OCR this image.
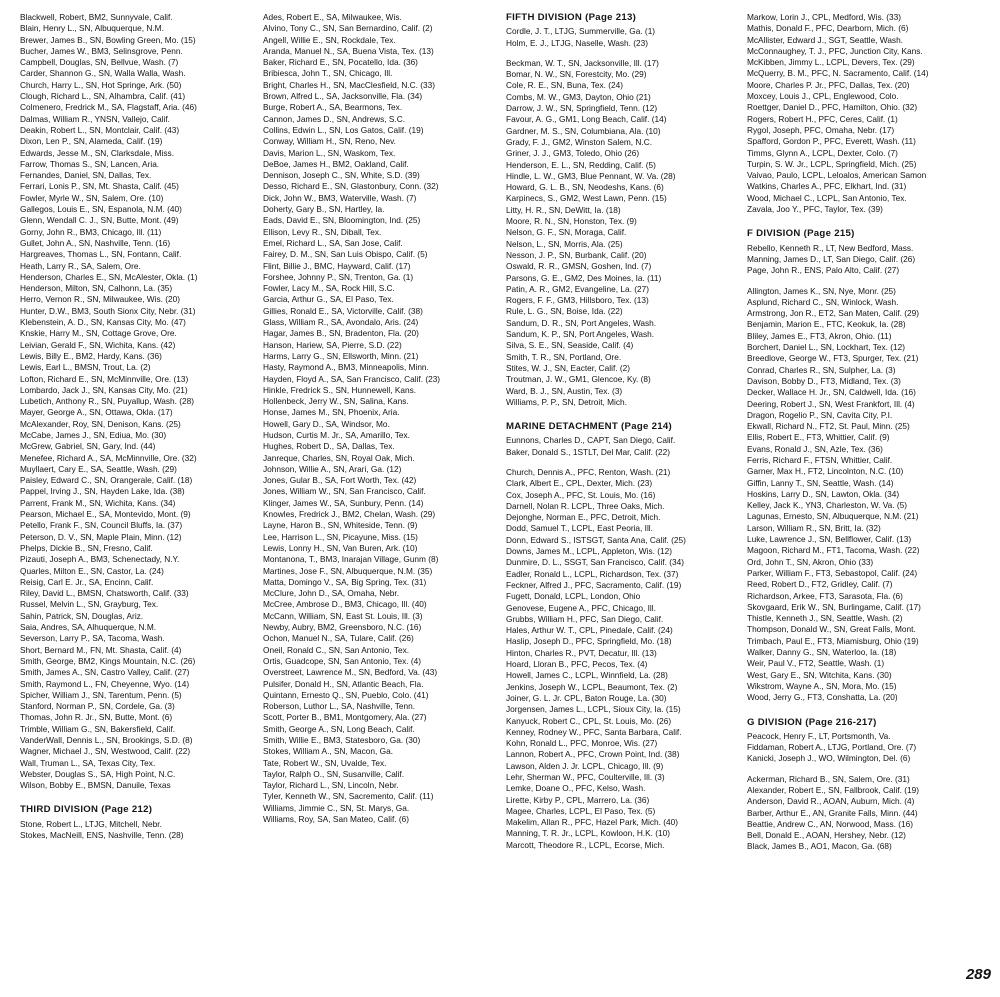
Blackwell, Robert, BM2, Sunnyvale, Calif.
Blain, Henry L., SN, Albuquerque, N.M.
Brewer, James B., SN, Bowling Green, Mo. (15)
Bucher, James W., BM3, Selinsgrove, Penn.
Campbell, Douglas, SN, Bellvue, Wash. (7)
Carder, Shannon G., SN, Walla Walla, Wash.
Church, Harry L., SN, Hot Springe, Ark. (50)
Clough, Richard L., SN, Alhambra, Calif. (41)
Colmenero, Fredrick M., SA, Flagstaff, Aria. (46)
Dalmas, William R., YNSN, Vallejo, Calif.
Deakin, Robert L., SN, Montclair, Calif. (43)
Dixon, Len P., SN, Alameda, Calif. (19)
Edwards, Jesse M., SN, Clarksdale, Miss.
Farrow, Thomas S., SN, Lancen, Aria.
Fernandes, Daniel, SN, Dallas, Tex.
Ferrari, Lonis P., SN, Mt. Shasta, Calif. (45)
Fowler, Myrle W., SN, Salem, Ore. (10)
Gallegos, Louis E., SN, Espanola, N.M. (40)
Glenn, Wendall C. J., SN, Butte, Mont. (49)
Gorny, John R., BM3, Chicago, Ill. (11)
Gullet, John A., SN, Nashville, Tenn. (16)
Hargreaves, Thomas L., SN, Fontann, Calif.
Heath, Larry R., SA, Salem, Ore.
Henderson, Charles E., SN, McAlester, Okla. (1)
Henderson, Milton, SN, Calhonn, La. (35)
Herro, Vernon R., SN, Milwaukee, Wis. (20)
Hunter, D.W., BM3, South Sionx City, Nebr. (31)
Klebenstein, A. D., SN, Kansas City, Mo. (47)
Knskie, Harry M., SN, Cottage Grove, Ore.
Leivian, Gerald F., SN, Wichita, Kans. (42)
Lewis, Billy E., BM2, Hardy, Kans. (36)
Lewis, Earl L., BMSN, Trout, La. (2)
Lofton, Richard E., SN, McMinnville, Ore. (13)
Lombardo, Jack J., SN, Kansas City, Mo. (21)
Lubetich, Anthony R., SN, Puyallup, Wash. (28)
Mayer, George A., SN, Ottawa, Okla. (17)
McAlexander, Roy, SN, Denison, Kans. (25)
McCabe, James J., SN, Ediua, Mo. (30)
McGrew, Gabriel, SN, Gary, Ind. (44)
Menefee, Richard A., SA, McMinnville, Ore. (32)
Muyllaert, Cary E., SA, Seattle, Wash. (29)
Paisley, Edward C., SN, Orangerale, Calif. (18)
Pappel, Irving J., SN, Hayden Lake, Ida. (38)
Parrent, Frank M., SN, Wichita, Kans. (34)
Pearson, Michael E., SA, Montevido, Mont. (9)
Petello, Frank F., SN, Council Bluffs, Ia. (37)
Peterson, D. V., SN, Maple Plain, Minn. (12)
Phelps, Dickie B., SN, Fresno, Calif.
Pizauti, Joseph A., BM3, Schenectady, N.Y.
Quarles, Milton E., SN, Castor, La. (24)
Reisig, Carl E. Jr., SA, Encinn, Calif.
Riley, David L., BMSN, Chatsworth, Calif. (33)
Russel, Melvin L., SN, Grayburg, Tex.
Sahin, Patrick, SN, Douglas, Ariz.
Saia, Andres, SA, Alhuquerque, N.M.
Severson, Larry P., SA, Tacoma, Wash.
Short, Bernard M., FN, Mt. Shasta, Calif. (4)
Smith, George, BM2, Kings Mountain, N.C. (26)
Smith, James A., SN, Castro Valley, Calif. (27)
Smith, Raymond L., FN, Cheyenne, Wyo. (14)
Spicher, William J., SN, Tarentum, Penn. (5)
Stanford, Norman P., SN, Cordele, Ga. (3)
Thomas, John R. Jr., SN, Butte, Mont. (6)
Trimble, William G., SN, Bakersfield, Calif.
VanderWall, Dennis L., SN, Brookings, S.D. (8)
Wagner, Michael J., SN, Westwood, Calif. (22)
Wall, Truman L., SA, Texas City, Tex.
Webster, Douglas S., SA, High Point, N.C.
Wilson, Bobby E., BMSN, Danuile, Texas
THIRD DIVISION (Page 212)
Stone, Robert L., LTJG, Mitchell, Nebr.
Stokes, MacNeill, ENS, Nashville, Tenn. (28)
Ades, Robert E., SA, Milwaukee, Wis.
Alvino, Tony C., SN, San Bernardino, Calif. (2)
Angell, Willie E., SN, Rockdale, Tex.
Aranda, Manuel N., SA, Buena Vista, Tex. (13)
Baker, Richard E., SN, Pocatello, Ida. (36)
Bribiesca, John T., SN, Chicago, Ill.
Bright, Charles H., SN, MacClesfield, N.C. (33)
Brown, Alfred L., SA, Jacksonville, Fla. (34)
Burge, Robert A., SA, Bearmons, Tex.
Cannon, James D., SN, Andrews, S.C.
Collins, Edwin L., SN, Los Gatos, Calif. (19)
Conway, William H., SN, Reno, Nev.
Davis, Marion L., SN, Waskom, Tex.
DeBoe, James H., BM2, Oakland, Calif.
Dennison, Joseph C., SN, White, S.D. (39)
Desso, Richard E., SN, Glastonbury, Conn. (32)
Dick, John W., BM3, Waterville, Wash. (7)
Doherty, Gary B., SN, Hartley, Ia.
Eads, David E., SN, Bloomington, Ind. (25)
Ellison, Levy R., SN, Diball, Tex.
Emel, Richard L., SA, San Jose, Calif.
Fairey, D. M., SN, San Luis Obispo, Calif. (5)
Flint, Billie J., BMC, Hayward, Calif. (17)
Forshee, Johnny P., SN, Trenton, Ga. (1)
Fowler, Lacy M., SA, Rock Hill, S.C.
Garcia, Arthur G., SA, El Paso, Tex.
Gillies, Ronald E., SA, Victorville, Calif. (38)
Glass, William R., SA, Avondalo, Aris. (24)
Hagar, James B., SN, Bradenton, Fla. (20)
Hanson, Hariew, SA, Pierre, S.D. (22)
Harms, Larry G., SN, Ellsworth, Minn. (21)
Hasty, Raymond A., BM3, Minneapolis, Minn.
Hayden, Floyd A., SA, San Francisco, Calif. (23)
Hinkle, Fredrick S., SN, Hunnewell, Kans.
Hollenbeck, Jerry W., SN, Salina, Kans.
Honse, James M., SN, Phoenix, Aria.
Howell, Gary D., SA, Windsor, Mo.
Hudson, Curtis M. Jr., SA, Amarillo, Tex.
Hughes, Robert D., SA, Dallas, Tex.
Janreque, Charles, SN, Royal Oak, Mich.
Johnson, Willie A., SN, Arari, Ga. (12)
Jones, Gular B., SA, Fort Worth, Tex. (42)
Jones, William W., SN, San Francisco, Calif.
Klinger, James W., SA, Sunbury, Penn. (14)
Knowles, Fredrick J., BM2, Chelan, Wash. (29)
Layne, Haron B., SN, Whiteside, Tenn. (9)
Lee, Harrison L., SN, Picayune, Miss. (15)
Lewis, Lonny H., SN, Van Buren, Ark. (10)
Montanona, T., BM3, Inarajan Village, Gunm (8)
Martines, Jose F., SN, Albuquerque, N.M. (35)
Matta, Domingo V., SA, Big Spring, Tex. (31)
McClure, John D., SA, Omaha, Nebr.
McCree, Ambrose D., BM3, Chicago, Ill. (40)
McCann, William, SN, East St. Louis, Ill. (3)
Newby, Aubry, BM2, Greensboro, N.C. (16)
Ochon, Manuel N., SA, Tulare, Calif. (26)
Oneil, Ronald C., SN, San Antonio, Tex.
Ortis, Guadcope, SN, San Antonio, Tex. (4)
Overstreet, Lawrence M., SN, Bedford, Va. (43)
Pulsifer, Donald H., SN, Atlantic Beach, Fla.
Quintann, Ernesto Q., SN, Pueblo, Colo. (41)
Roberson, Luthor L., SA, Nashville, Tenn.
Scott, Porter B., BM1, Montgomery, Ala. (27)
Smith, George A., SN, Long Beach, Calif.
Smith, Willie E., BM3, Statesboro, Ga. (30)
Stokes, William A., SN, Macon, Ga.
Tate, Robert W., SN, Uvalde, Tex.
Taylor, Ralph O., SN, Susanville, Calif.
Taylor, Richard L., SN, Lincoln, Nebr.
Tyler, Kenneth W., SN, Sacremento, Calif. (11)
Williams, Jimmie C., SN, St. Marys, Ga.
Williams, Roy, SA, San Mateo, Calif. (6)
FIFTH DIVISION (Page 213)
Cordle, J. T., LTJG, Summerville, Ga. (1)
Holm, E. J., LTJG, Naselle, Wash. (23)
Beckman, W. T., SN, Jacksonville, Ill. (17)
Bomar, N. W., SN, Forestcity, Mo. (29)
Cole, R. E., SN, Buna, Tex. (24)
Combs, M. W., GM3, Dayton, Ohio (21)
Darrow, J. W., SN, Springfield, Tenn. (12)
Favour, A. G., GM1, Long Beach, Calif. (14)
Gardner, M. S., SN, Columbiana, Ala. (10)
Grady, F. J., GM2, Winston Salem, N.C.
Griner, J. J., GM3, Toledo, Ohio (26)
Henderson, E. L., SN, Redding, Calif. (5)
Hindle, L. W., GM3, Blue Pennant, W. Va. (28)
Howard, G. L. B., SN, Neodeshs, Kans. (6)
Karpinecs, S., GM2, West Lawn, Penn. (15)
Litty, H. R., SN, DeWitt, Ia. (18)
Moore, R. N., SN, Honston, Tex. (9)
Nelson, G. F., SN, Moraga, Calif.
Nelson, L., SN, Morris, Ala. (25)
Nesson, J. P., SN, Burbank, Calif. (20)
Oswald, R. R., GMSN, Goshen, Ind. (7)
Parsons, G. E., GM2, Des Moines, Ia. (11)
Patin, A. R., GM2, Evangeline, La. (27)
Rogers, F. F., GM3, Hillsboro, Tex. (13)
Rule, L. G., SN, Boise, Ida. (22)
Sandum, D. R., SN, Port Angeles, Wash.
Sandum, K. P., SN, Port Angeles, Wash.
Silva, S. E., SN, Seaside, Calif. (4)
Smith, T. R., SN, Portland, Ore.
Stites, W. J., SN, Eacter, Calif. (2)
Troutman, J. W., GM1, Glencoe, Ky. (8)
Ward, B. J., SN, Austin, Tex. (3)
Williams, P. P., SN, Detroit, Mich.
MARINE DETACHMENT (Page 214)
Eunnons, Charles D., CAPT, San Diego, Calif.
Baker, Donald S., 1STLT, Del Mar, Calif. (22)
Church, Dennis A., PFC, Renton, Wash. (21)
Clark, Albert E., CPL, Dexter, Mich. (23)
Cox, Joseph A., PFC, St. Louis, Mo. (16)
Darnell, Nolan R. LCPL, Three Oaks, Mich.
Dejonghe, Norman E., PFC, Detroit, Mich.
Dodd, Samuel T., LCPL, East Peoria, Ill.
Donn, Edward S., ISTSGT, Santa Ana, Calif. (25)
Downs, James M., LCPL, Appleton, Wis. (12)
Dunmire, D. L., SSGT, San Francisco, Calif. (34)
Eadler, Ronald L., LCPL, Richardson, Tex. (37)
Feckner, Alfred J., PFC, Sacramento, Calif. (19)
Fugett, Donald, LCPL, London, Ohio
Genovese, Eugene A., PFC, Chicago, Ill.
Grubbs, William H., PFC, San Diego, Calif.
Hales, Arthur W. T., CPL, Pinedale, Calif. (24)
Haslip, Joseph D., PFC, Springfield, Mo. (18)
Hinton, Charles R., PVT, Decatur, Ill. (13)
Hoard, Lloran B., PFC, Pecos, Tex. (4)
Howell, James C., LCPL, Winnfield, La. (28)
Jenkins, Joseph W., LCPL, Beaumont, Tex. (2)
Joiner, G. L. Jr. CPL, Baton Rouge, La. (30)
Jorgensen, James L., LCPL, Sioux City, Ia. (15)
Kanyuck, Robert C., CPL, St. Louis, Mo. (26)
Kenney, Rodney W., PFC, Santa Barbara, Calif.
Kohn, Ronald L., PFC, Monroe, Wis. (27)
Lannon, Robert A., PFC, Crown Point, Ind. (38)
Lawson, Alden J. Jr. LCPL, Chicago, Ill. (9)
Lehr, Sherman W., PFC, Coulterville, Ill. (3)
Lemke, Doane O., PFC, Kelso, Wash.
Lirette, Kirby P., CPL, Marrero, La. (36)
Magee, Charles, LCPL, El Paso, Tex. (5)
Makelim, Allan R., PFC, Hazel Park, Mich. (40)
Manning, T. R. Jr., LCPL, Kowloon, H.K. (10)
Marcott, Theodore R., LCPL, Ecorse, Mich.
Markow, Lorin J., CPL, Medford, Wis. (33)
Mathis, Donald F., PFC, Dearborn, Mich. (6)
McAllister, Edward J., SGT, Seattle, Wash.
McConnaughey, T. J., PFC, Junction City, Kans.
McKibben, Jimmy L., LCPL, Devers, Tex. (29)
McQuerry, B. M., PFC, N. Sacramento, Calif. (14)
Moore, Charles P. Jr., PFC, Dallas, Tex. (20)
Moxcey, Louis J., CPL, Englewood, Colo.
Roettger, Daniel D., PFC, Hamilton, Ohio. (32)
Rogers, Robert H., PFC, Ceres, Calif. (1)
Rygol, Joseph, PFC, Omaha, Nebr. (17)
Spafford, Gordon P., PFC, Everett, Wash. (11)
Timms, Glynn A., LCPL, Dexter, Colo. (7)
Turpin, S. W. Jr., LCPL, Springfield, Mich. (25)
Vaivao, Paulo, LCPL, Leloalos, American Samon
Watkins, Charles A., PFC, Elkhart, Ind. (31)
Wood, Michael C., LCPL, San Antonio, Tex.
Zavala, Joo Y., PFC, Taylor, Tex. (39)
F DIVISION (Page 215)
Rebello, Kenneth R., LT, New Bedford, Mass.
Manning, James D., LT, San Diego, Calif. (26)
Page, John R., ENS, Palo Alto, Calif. (27)
Allington, James K., SN, Nye, Monr. (25)
Asplund, Richard C., SN, Winlock, Wash.
Armstrong, Jon R., ET2, San Maten, Calif. (29)
Benjamin, Marion E., FTC, Keokuk, Ia. (28)
Bliley, James E., FT3, Akron, Ohio. (11)
Borchert, Daniel L., SN, Lockhart, Tex. (12)
Breedlove, George W., FT3, Spurger, Tex. (21)
Conrad, Charles R., SN, Sulpher, La. (3)
Davison, Bobby D., FT3, Midland, Tex. (3)
Decker, Wallace H. Jr., SN, Caldwell, Ida. (16)
Deering, Robert J., SN, West Frankfort, Ill. (4)
Dragon, Rogelio P., SN, Cavita City, P.I.
Ekwall, Richard N., FT2, St. Paul, Minn. (25)
Ellis, Robert E., FT3, Whittier, Calif. (9)
Evans, Ronald J., SN, Azle, Tex. (36)
Ferris, Richard F., FTSN, Whittier, Calif.
Garner, Max H., FT2, Lincolnton, N.C. (10)
Giffin, Lanny T., SN, Seattle, Wash. (14)
Hoskins, Larry D., SN, Lawton, Okla. (34)
Kelley, Jack K., YN3, Charleston, W. Va. (5)
Lagunas, Ernesto, SN, Albuquerque, N.M. (21)
Larson, William R., SN, Britt, Ia. (32)
Luke, Lawrence J., SN, Bellflower, Calif. (13)
Magoon, Richard M., FT1, Tacoma, Wash. (22)
Ord, John T., SN, Akron, Ohio (33)
Parker, William F., FT3, Sebastopol, Calif. (24)
Reed, Robert D., FT2, Gridley, Calif. (7)
Richardson, Arkee, FT3, Sarasota, Fla. (6)
Skovgaard, Erik W., SN, Burlingame, Calif. (17)
Thistle, Kenneth J., SN, Seattle, Wash. (2)
Thompson, Donald W., SN, Great Falls, Mont.
Trimbach, Paul E., FT3, Miamisburg, Ohio (19)
Walker, Danny G., SN, Waterloo, Ia. (18)
Weir, Paul V., FT2, Seattle, Wash. (1)
West, Gary E., SN, Witchita, Kans. (30)
Wikstrom, Wayne A., SN, Mora, Mo. (15)
Wood, Jerry G., FT3, Conshatta, La. (20)
G DIVISION (Page 216-217)
Peacock, Henry F., LT, Portsmonth, Va.
Fiddaman, Robert A., LTJG, Portland, Ore. (7)
Kanicki, Joseph J., WO, Wilmington, Del. (6)
Ackerman, Richard B., SN, Salem, Ore. (31)
Alexander, Robert E., SN, Fallbrook, Calif. (19)
Anderson, David R., AOAN, Auburn, Mich. (4)
Barber, Arthur E., AN, Granite Falls, Minn. (44)
Beattie, Andrew C., AN, Norwood, Mass. (16)
Bell, Donald E., AOAN, Hershey, Nebr. (12)
Black, James B., AO1, Macon, Ga. (68)
289
